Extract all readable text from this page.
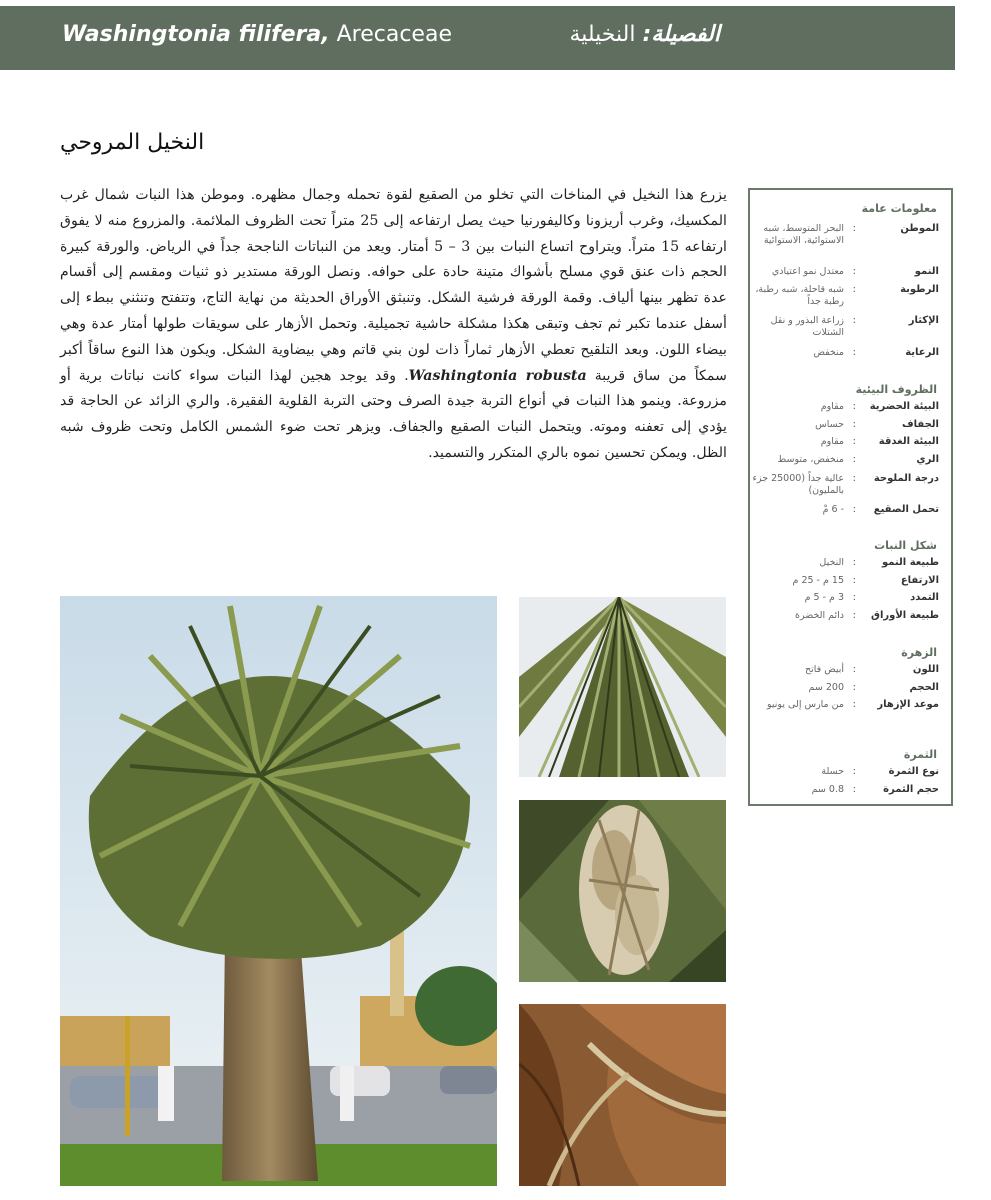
Washingtonia filifera, Arecaceae	الفصيلة: النخيلية
النخيل المروحي
يزرع هذا النخيل في المناخات التي تخلو من الصقيع لقوة تحمله وجمال مظهره. وموطن هذا النبات شمال غرب المكسيك، وغرب أريزونا وكاليفورنيا حيث يصل ارتفاعه إلى 25 متراً تحت الظروف الملائمة. والمزروع منه لا يفوق ارتفاعه 15 متراً. ويتراوح اتساع النبات بين 3 – 5 أمتار. ويعد من النباتات الناجحة جداً في الرياض. والورقة كبيرة الحجم ذات عنق قوي مسلح بأشواك متينة حادة على حوافه. ونصل الورقة مستدير ذو ثنيات ومقسم إلى أقسام عدة تظهر بينها ألياف. وقمة الورقة فرشية الشكل. وتنبثق الأوراق الحديثة من نهاية التاج، وتتفتح وتنثني ببطء إلى أسفل عندما تكبر ثم تجف وتبقى هكذا مشكلة حاشية تجميلية. وتحمل الأزهار على سويقات طولها أمتار عدة وهي بيضاء اللون. وبعد التلقيح تعطي الأزهار ثماراً ذات لون بني قاتم وهي بيضاوية الشكل. ويكون هذا النوع ساقاً أكبر سمكاً من ساق قريبة Washingtonia robusta. وقد يوجد هجين لهذا النبات سواء كانت نباتات برية أو مزروعة. وينمو هذا النبات في أنواع التربة جيدة الصرف وحتى التربة القلوية الفقيرة. والري الزائد عن الحاجة قد يؤدي إلى تعفنه وموته. ويتحمل النبات الصقيع والجفاف. ويزهر تحت ضوء الشمس الكامل وتحت ظروف شبه الظل. ويمكن تحسين نموه بالري المتكرر والتسميد.
معلومات عامة
الموطن
:
البحر المتوسط، شبه الاستوائية، الاستوائية
النمو
:
معتدل نمو اعتيادي
الرطوبة
:
شبه قاحلة، شبه رطبة، رطبة جداً
الإكثار
:
زراعة البذور و نقل الشتلات
الرعاية
:
منخفض
الظروف البيئية
البيئة الحضرية
:
مقاوم
الجفاف
:
حساس
البيئة الغدقة
:
مقاوم
الري
:
منخفض، متوسط
درجة الملوحة
:
عالية جداً (25000 جزء بالمليون)
تحمل الصقيع
:
- 6 مْ
شكل النبات
طبيعة النمو
:
النخيل
الارتفاع
:
15 م - 25 م
التمدد
:
3 م - 5 م
طبيعة الأوراق
:
دائم الخضرة
الزهرة
اللون
:
أبيض فاتح
الحجم
:
200 سم
موعد الإزهار
:
من مارس إلى يونيو
الثمرة
نوع الثمرة
:
حسلة
حجم الثمرة
:
0.8 سم
